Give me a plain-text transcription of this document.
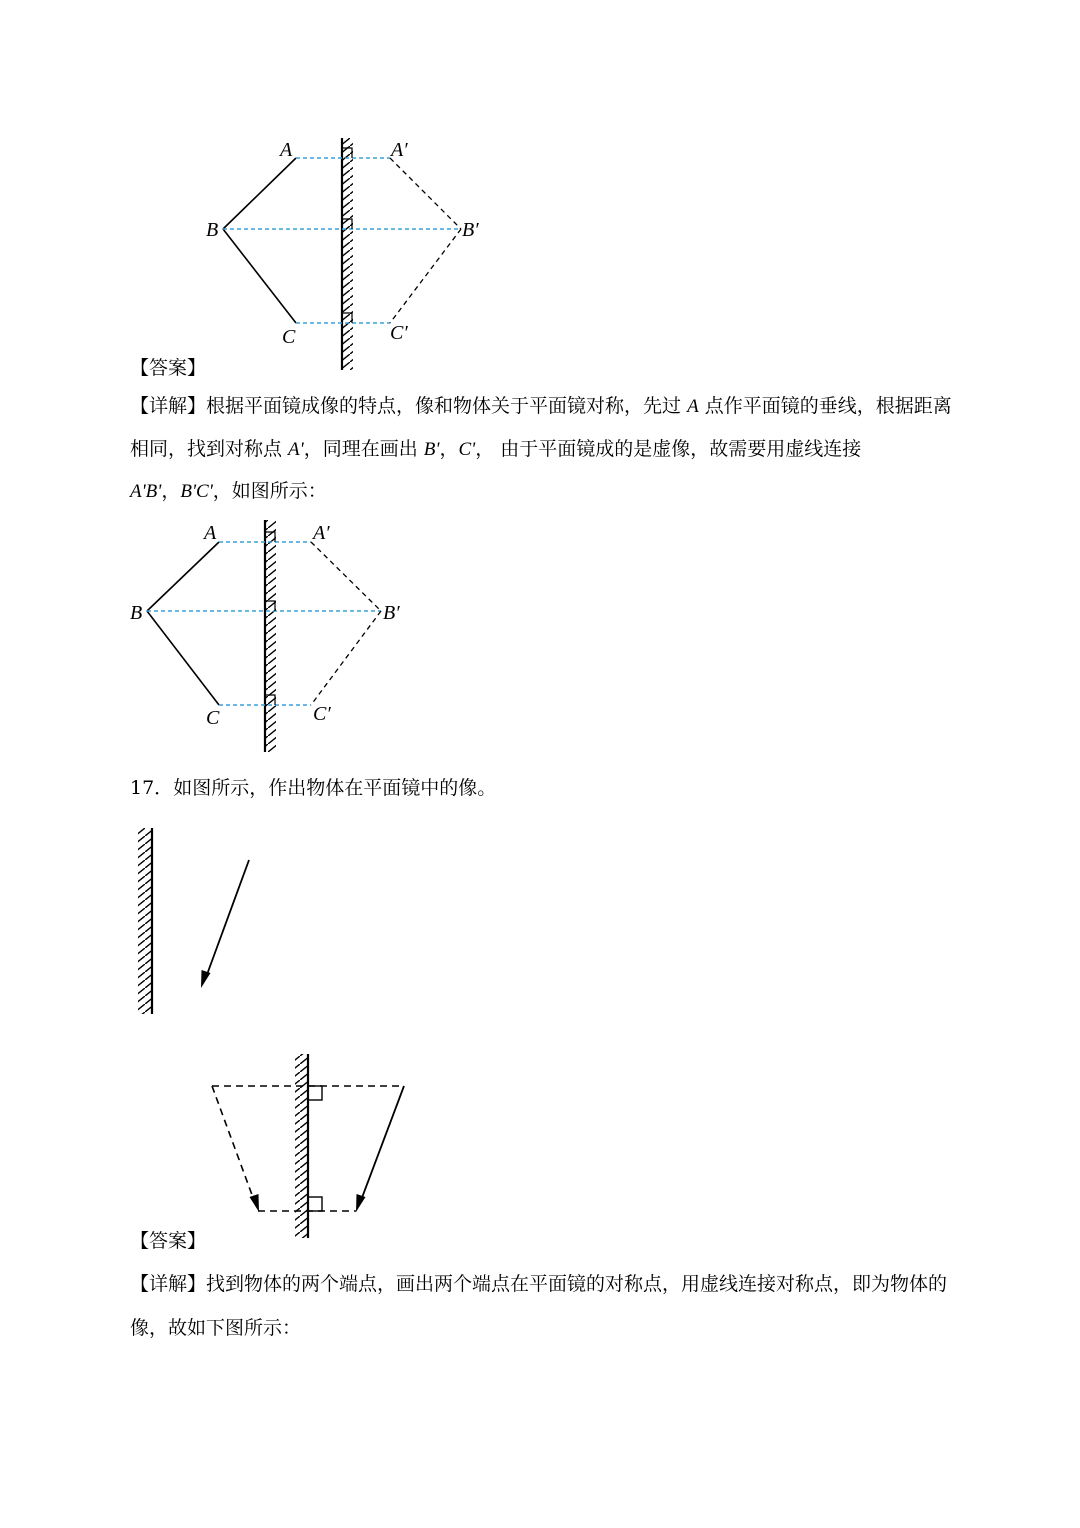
A	A′
B	B′
C	C′
【答案】
【详解】根据平面镜成像的特点，像和物体关于平面镜对称，先过 A 点作平面镜的垂线，根据距离
相同，找到对称点 A'，同理在画出 B'，C'， 由于平面镜成的是虚像，故需要用虚线连接
A'B'，B'C'，如图所示：
A	A′
B	B′
C	C′
17．如图所示，作出物体在平面镜中的像。
【答案】
【详解】找到物体的两个端点，画出两个端点在平面镜的对称点，用虚线连接对称点，即为物体的
像，故如下图所示：
